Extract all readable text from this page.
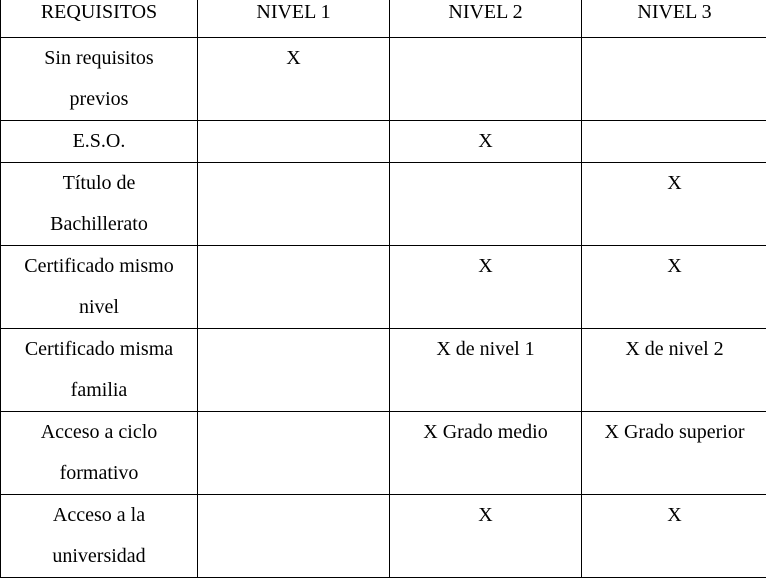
REQUISITOS	NIVEL 1	NIVEL 2	NIVEL 3
Sin requisitos
previos	X		
E.S.O.		X	
Título de
Bachillerato			X
Certificado mismo
nivel		X	X
Certificado misma
familia		X de nivel 1	X de nivel 2
Acceso a ciclo
formativo		X Grado medio	X Grado superior
Acceso a la
universidad		X	X
